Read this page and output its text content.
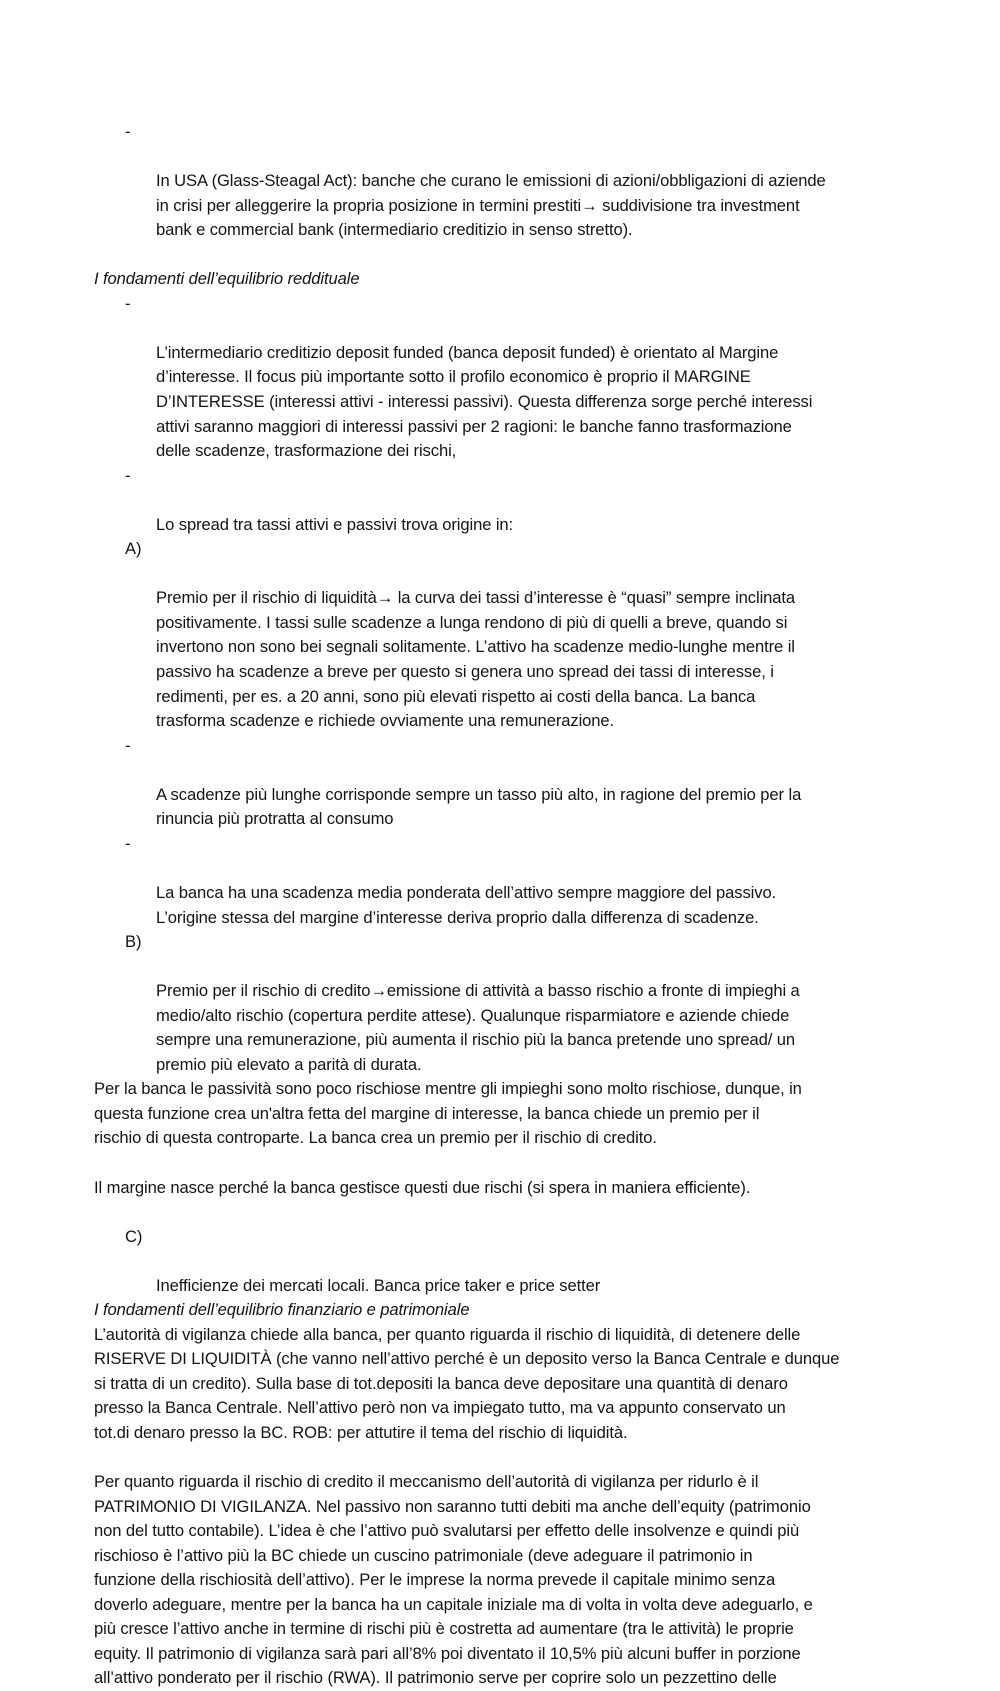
-

In USA (Glass-Steagal Act): banche che curano le emissioni di azioni/obbligazioni di aziende
in crisi per alleggerire la propria posizione in termini prestiti→ suddivisione tra investment
bank e commercial bank (intermediario creditizio in senso stretto).

I fondamenti dell’equilibrio reddituale

-

L’intermediario creditizio deposit funded (banca deposit funded) è orientato al Margine
d’interesse. Il focus più importante sotto il profilo economico è proprio il MARGINE
D’INTERESSE (interessi attivi - interessi passivi). Questa differenza sorge perché interessi
attivi saranno maggiori di interessi passivi per 2 ragioni: le banche fanno trasformazione
delle scadenze, trasformazione dei rischi,

-

Lo spread tra tassi attivi e passivi trova origine in:

A)

Premio per il rischio di liquidità→ la curva dei tassi d’interesse è “quasi” sempre inclinata
positivamente. I tassi sulle scadenze a lunga rendono di più di quelli a breve, quando si
invertono non sono bei segnali solitamente. L’attivo ha scadenze medio-lunghe mentre il
passivo ha scadenze a breve per questo si genera uno spread dei tassi di interesse, i
redimenti, per es. a 20 anni, sono più elevati rispetto ai costi della banca. La banca
trasforma scadenze e richiede ovviamente una remunerazione.

-

A scadenze più lunghe corrisponde sempre un tasso più alto, in ragione del premio per la
rinuncia più protratta al consumo

-

La banca ha una scadenza media ponderata dell’attivo sempre maggiore del passivo.
L’origine stessa del margine d’interesse deriva proprio dalla differenza di scadenze.

B)

Premio per il rischio di credito→emissione di attività a basso rischio a fronte di impieghi a
medio/alto rischio (copertura perdite attese). Qualunque risparmiatore e aziende chiede
sempre una remunerazione, più aumenta il rischio più la banca pretende uno spread/ un
premio più elevato a parità di durata.

Per la banca le passività sono poco rischiose mentre gli impieghi sono molto rischiose, dunque, in
questa funzione crea un'altra fetta del margine di interesse, la banca chiede un premio per il
rischio di questa controparte. La banca crea un premio per il rischio di credito.
Il margine nasce perché la banca gestisce questi due rischi (si spera in maniera efficiente).

C)

Inefficienze dei mercati locali. Banca price taker e price setter

I fondamenti dell’equilibrio finanziario e patrimoniale
L’autorità di vigilanza chiede alla banca, per quanto riguarda il rischio di liquidità, di detenere delle
RISERVE DI LIQUIDITÀ (che vanno nell’attivo perché è un deposito verso la Banca Centrale e dunque
si tratta di un credito). Sulla base di tot.depositi la banca deve depositare una quantità di denaro
presso la Banca Centrale. Nell’attivo però non va impiegato tutto, ma va appunto conservato un
tot.di denaro presso la BC. ROB: per attutire il tema del rischio di liquidità.
Per quanto riguarda il rischio di credito il meccanismo dell’autorità di vigilanza per ridurlo è il
PATRIMONIO DI VIGILANZA. Nel passivo non saranno tutti debiti ma anche dell’equity (patrimonio
non del tutto contabile). L’idea è che l’attivo può svalutarsi per effetto delle insolvenze e quindi più
rischioso è l’attivo più la BC chiede un cuscino patrimoniale (deve adeguare il patrimonio in
funzione della rischiosità dell’attivo). Per le imprese la norma prevede il capitale minimo senza
doverlo adeguare, mentre per la banca ha un capitale iniziale ma di volta in volta deve adeguarlo, e
più cresce l’attivo anche in termine di rischi più è costretta ad aumentare (tra le attività) le proprie
equity. Il patrimonio di vigilanza sarà pari all’8% poi diventato il 10,5% più alcuni buffer in porzione
all’attivo ponderato per il rischio (RWA). Il patrimonio serve per coprire solo un pezzettino delle
